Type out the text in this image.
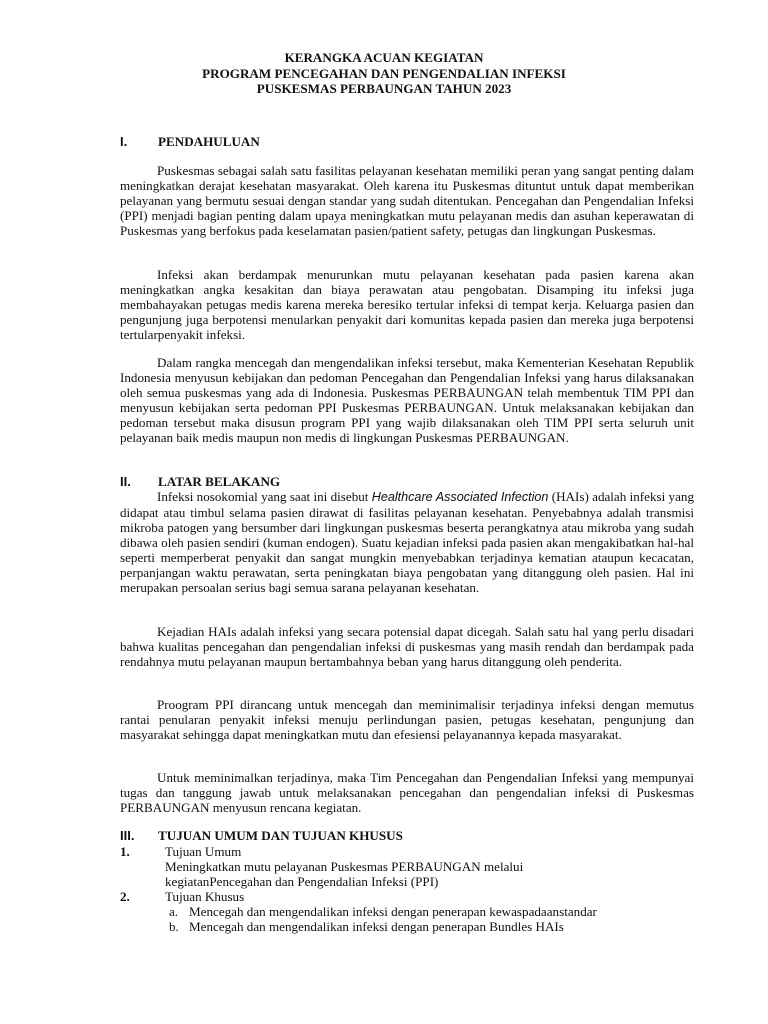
KERANGKA ACUAN KEGIATAN
PROGRAM PENCEGAHAN DAN PENGENDALIAN INFEKSI
PUSKESMAS PERBAUNGAN TAHUN 2023
I. PENDAHULUAN
Puskesmas sebagai salah satu fasilitas pelayanan kesehatan memiliki peran yang sangat penting dalam meningkatkan derajat kesehatan masyarakat. Oleh karena itu Puskesmas dituntut untuk dapat memberikan pelayanan yang bermutu sesuai dengan standar yang sudah ditentukan. Pencegahan dan Pengendalian Infeksi (PPI) menjadi bagian penting dalam upaya meningkatkan mutu pelayanan medis dan asuhan keperawatan di Puskesmas yang berfokus pada keselamatan pasien/patient safety, petugas dan lingkungan Puskesmas.
Infeksi akan berdampak menurunkan mutu pelayanan kesehatan pada pasien karena akan meningkatkan angka kesakitan dan biaya perawatan atau pengobatan. Disamping itu infeksi juga membahayakan petugas medis karena mereka beresiko tertular infeksi di tempat kerja. Keluarga pasien dan pengunjung juga berpotensi menularkan penyakit dari komunitas kepada pasien dan mereka juga berpotensi tertularpenyakit infeksi.
Dalam rangka mencegah dan mengendalikan infeksi tersebut, maka Kementerian Kesehatan Republik Indonesia menyusun kebijakan dan pedoman Pencegahan dan Pengendalian Infeksi yang harus dilaksanakan oleh semua puskesmas yang ada di Indonesia. Puskesmas PERBAUNGAN telah membentuk TIM PPI dan menyusun kebijakan serta pedoman PPI Puskesmas PERBAUNGAN. Untuk melaksanakan kebijakan dan pedoman tersebut maka disusun program PPI yang wajib dilaksanakan oleh TIM PPI serta seluruh unit pelayanan baik medis maupun non medis di lingkungan Puskesmas PERBAUNGAN.
II. LATAR BELAKANG
Infeksi nosokomial yang saat ini disebut Healthcare Associated Infection (HAIs) adalah infeksi yang didapat atau timbul selama pasien dirawat di fasilitas pelayanan kesehatan. Penyebabnya adalah transmisi mikroba patogen yang bersumber dari lingkungan puskesmas beserta perangkatnya atau mikroba yang sudah dibawa oleh pasien sendiri (kuman endogen). Suatu kejadian infeksi pada pasien akan mengakibatkan hal-hal seperti memperberat penyakit dan sangat mungkin menyebabkan terjadinya kematian ataupun kecacatan, perpanjangan waktu perawatan, serta peningkatan biaya pengobatan yang ditanggung oleh pasien. Hal ini merupakan persoalan serius bagi semua sarana pelayanan kesehatan.
Kejadian HAIs adalah infeksi yang secara potensial dapat dicegah. Salah satu hal yang perlu disadari bahwa kualitas pencegahan dan pengendalian infeksi di puskesmas yang masih rendah dan berdampak pada rendahnya mutu pelayanan maupun bertambahnya beban yang harus ditanggung oleh penderita.
Proogram PPI dirancang untuk mencegah dan meminimalisir terjadinya infeksi dengan memutus rantai penularan penyakit infeksi menuju perlindungan pasien, petugas kesehatan, pengunjung dan masyarakat sehingga dapat meningkatkan mutu dan efesiensi pelayanannya kepada masyarakat.
Untuk meminimalkan terjadinya, maka Tim Pencegahan dan Pengendalian Infeksi yang mempunyai tugas dan tanggung jawab untuk melaksanakan pencegahan dan pengendalian infeksi di Puskesmas PERBAUNGAN menyusun rencana kegiatan.
III. TUJUAN UMUM DAN TUJUAN KHUSUS
1.	Tujuan Umum
Meningkatkan mutu pelayanan Puskesmas PERBAUNGAN melalui
kegiatanPencegahan dan Pengendalian Infeksi (PPI)
2.	Tujuan Khusus
a. Mencegah dan mengendalikan infeksi dengan penerapan kewaspadaanstandar
b. Mencegah dan mengendalikan infeksi dengan penerapan Bundles HAIs
